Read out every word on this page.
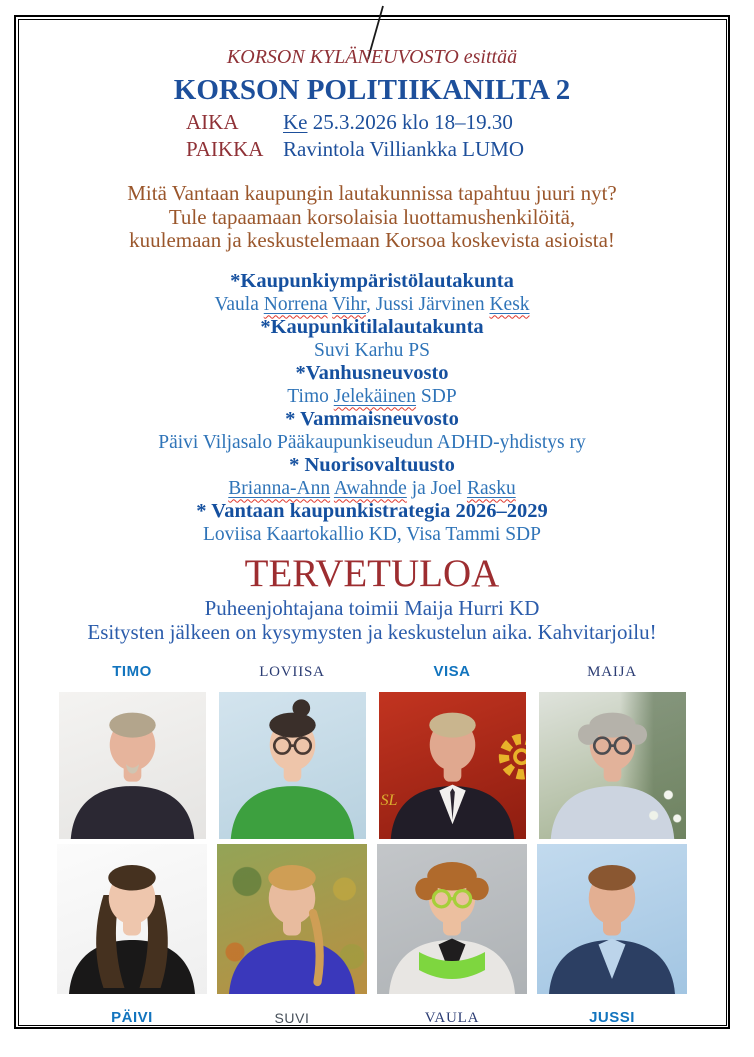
KORSON KYLÄNEUVOSTO esittää
KORSON POLITIIKANILTA 2
AIKA	Ke 25.3.2026 klo 18–19.30
PAIKKA Ravintola Villiankka LUMO
Mitä Vantaan kaupungin lautakunnissa tapahtuu juuri nyt?
Tule tapaamaan korsolaisia luottamushenkilöitä,
kuulemaan ja keskustelemaan Korsoa koskevista asioista!
*Kaupunkiympäristölautakunta
Vaula Norrena Vihr, Jussi Järvinen Kesk
*Kaupunkitilalautakunta
Suvi Karhu PS
*Vanhusneuvosto
Timo Jelekäinen SDP
* Vammaisneuvosto
Päivi Viljasalo Pääkaupunkiseudun ADHD-yhdistys ry
* Nuorisovaltuusto
Brianna-Ann Awahnde ja Joel Rasku
* Vantaan kaupunkistrategia 2026–2029
Loviisa Kaartokallio KD, Visa Tammi SDP
TERVETULOA
Puheenjohtajana toimii Maija Hurri KD
Esitysten jälkeen on kysymysten ja keskustelun aika. Kahvitarjoilu!
TIMO	LOVIISA	VISA	MAIJA
SL
PÄIVI	SUVI	VAULA	JUSSI
